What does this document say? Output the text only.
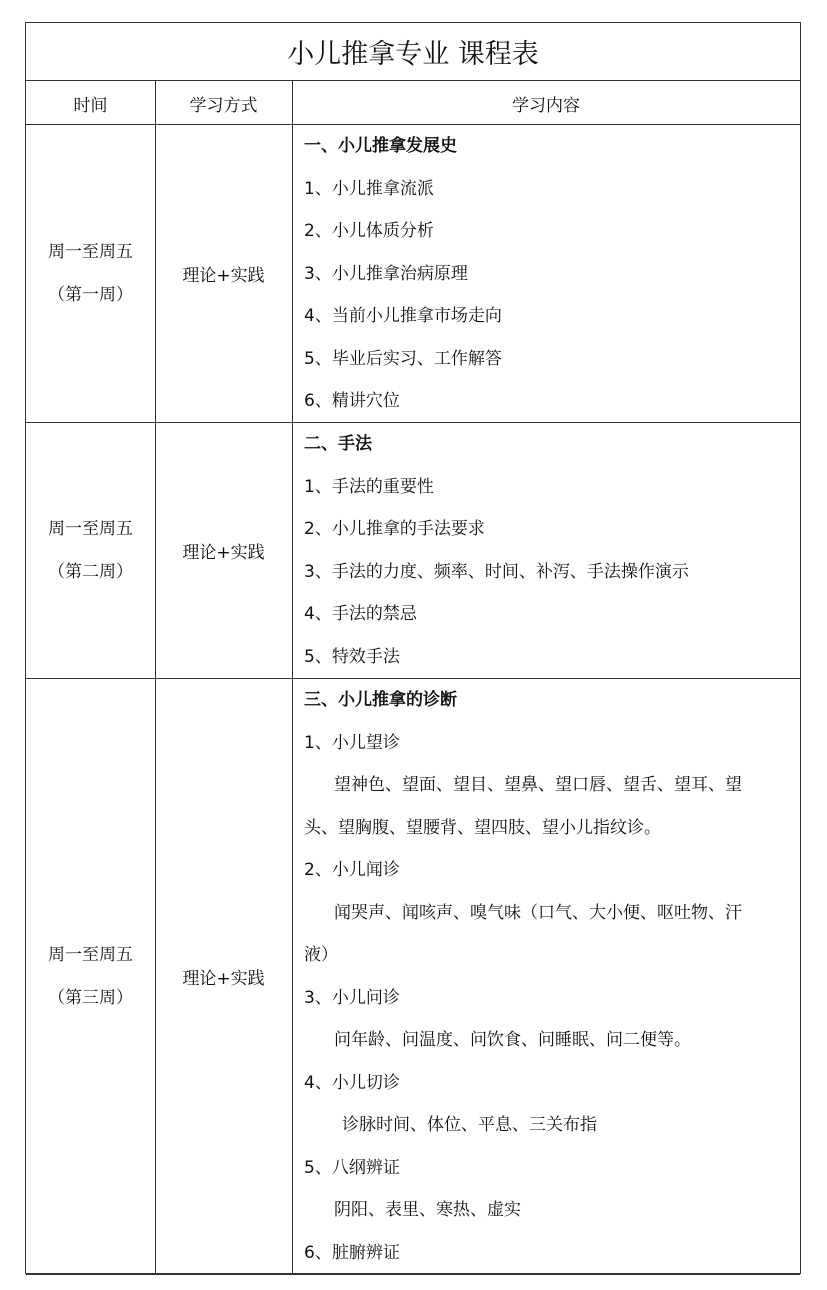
小儿推拿专业 课程表
时间	学习方式	学习内容
周一至周五
（第一周）
理论+实践
一、小儿推拿发展史
1、小儿推拿流派
2、小儿体质分析
3、小儿推拿治病原理
4、当前小儿推拿市场走向
5、毕业后实习、工作解答
6、精讲穴位
周一至周五
（第二周）
理论+实践
二、手法
1、手法的重要性
2、小儿推拿的手法要求
3、手法的力度、频率、时间、补泻、手法操作演示
4、手法的禁忌
5、特效手法
周一至周五
（第三周）
理论+实践
三、小儿推拿的诊断
1、小儿望诊
望神色、望面、望目、望鼻、望口唇、望舌、望耳、望
头、望胸腹、望腰背、望四肢、望小儿指纹诊。
2、小儿闻诊
闻哭声、闻咳声、嗅气味（口气、大小便、呕吐物、汗
液）
3、小儿问诊
问年龄、问温度、问饮食、问睡眠、问二便等。
4、小儿切诊
诊脉时间、体位、平息、三关布指
5、八纲辨证
阴阳、表里、寒热、虚实
6、脏腑辨证
